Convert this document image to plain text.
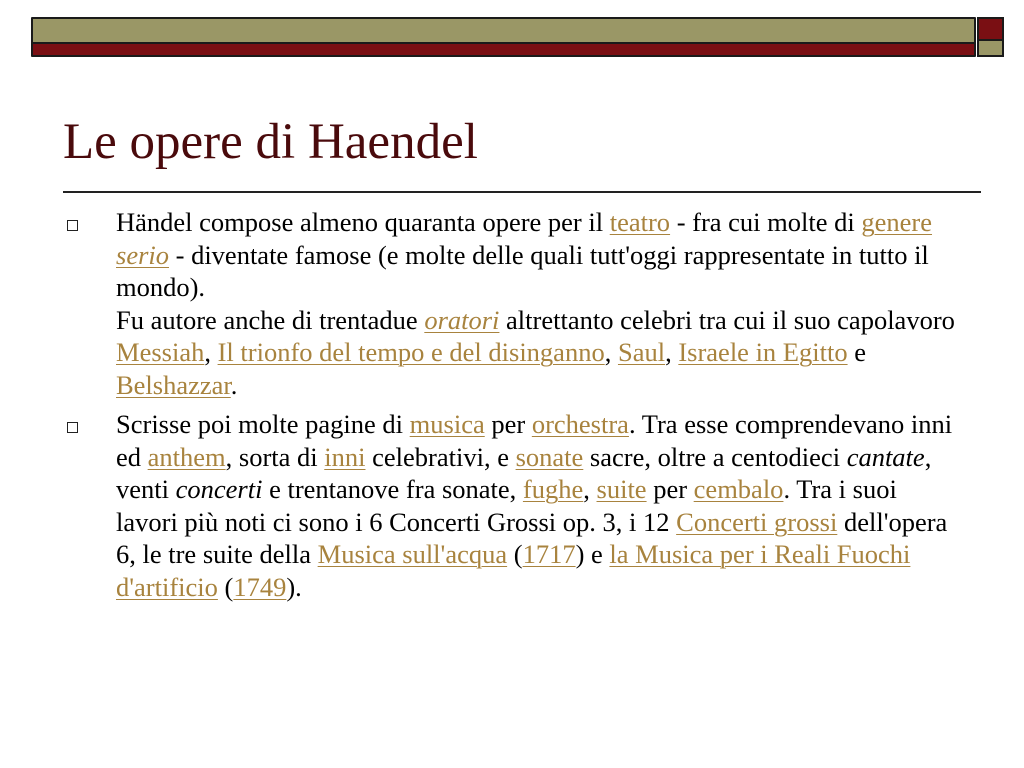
Le opere di Haendel
Händel compose almeno quaranta opere per il teatro - fra cui molte di genere serio - diventate famose (e molte delle quali tutt'oggi rappresentate in tutto il mondo).
Fu autore anche di trentadue oratori altrettanto celebri tra cui il suo capolavoro Messiah, Il trionfo del tempo e del disinganno, Saul, Israele in Egitto e Belshazzar.
Scrisse poi molte pagine di musica per orchestra. Tra esse comprendevano inni ed anthem, sorta di inni celebrativi, e sonate sacre, oltre a centodieci cantate, venti concerti e trentanove fra sonate, fughe, suite per cembalo. Tra i suoi lavori più noti ci sono i 6 Concerti Grossi op. 3, i 12 Concerti grossi dell'opera 6, le tre suite della Musica sull'acqua (1717) e la Musica per i Reali Fuochi d'artificio (1749).
